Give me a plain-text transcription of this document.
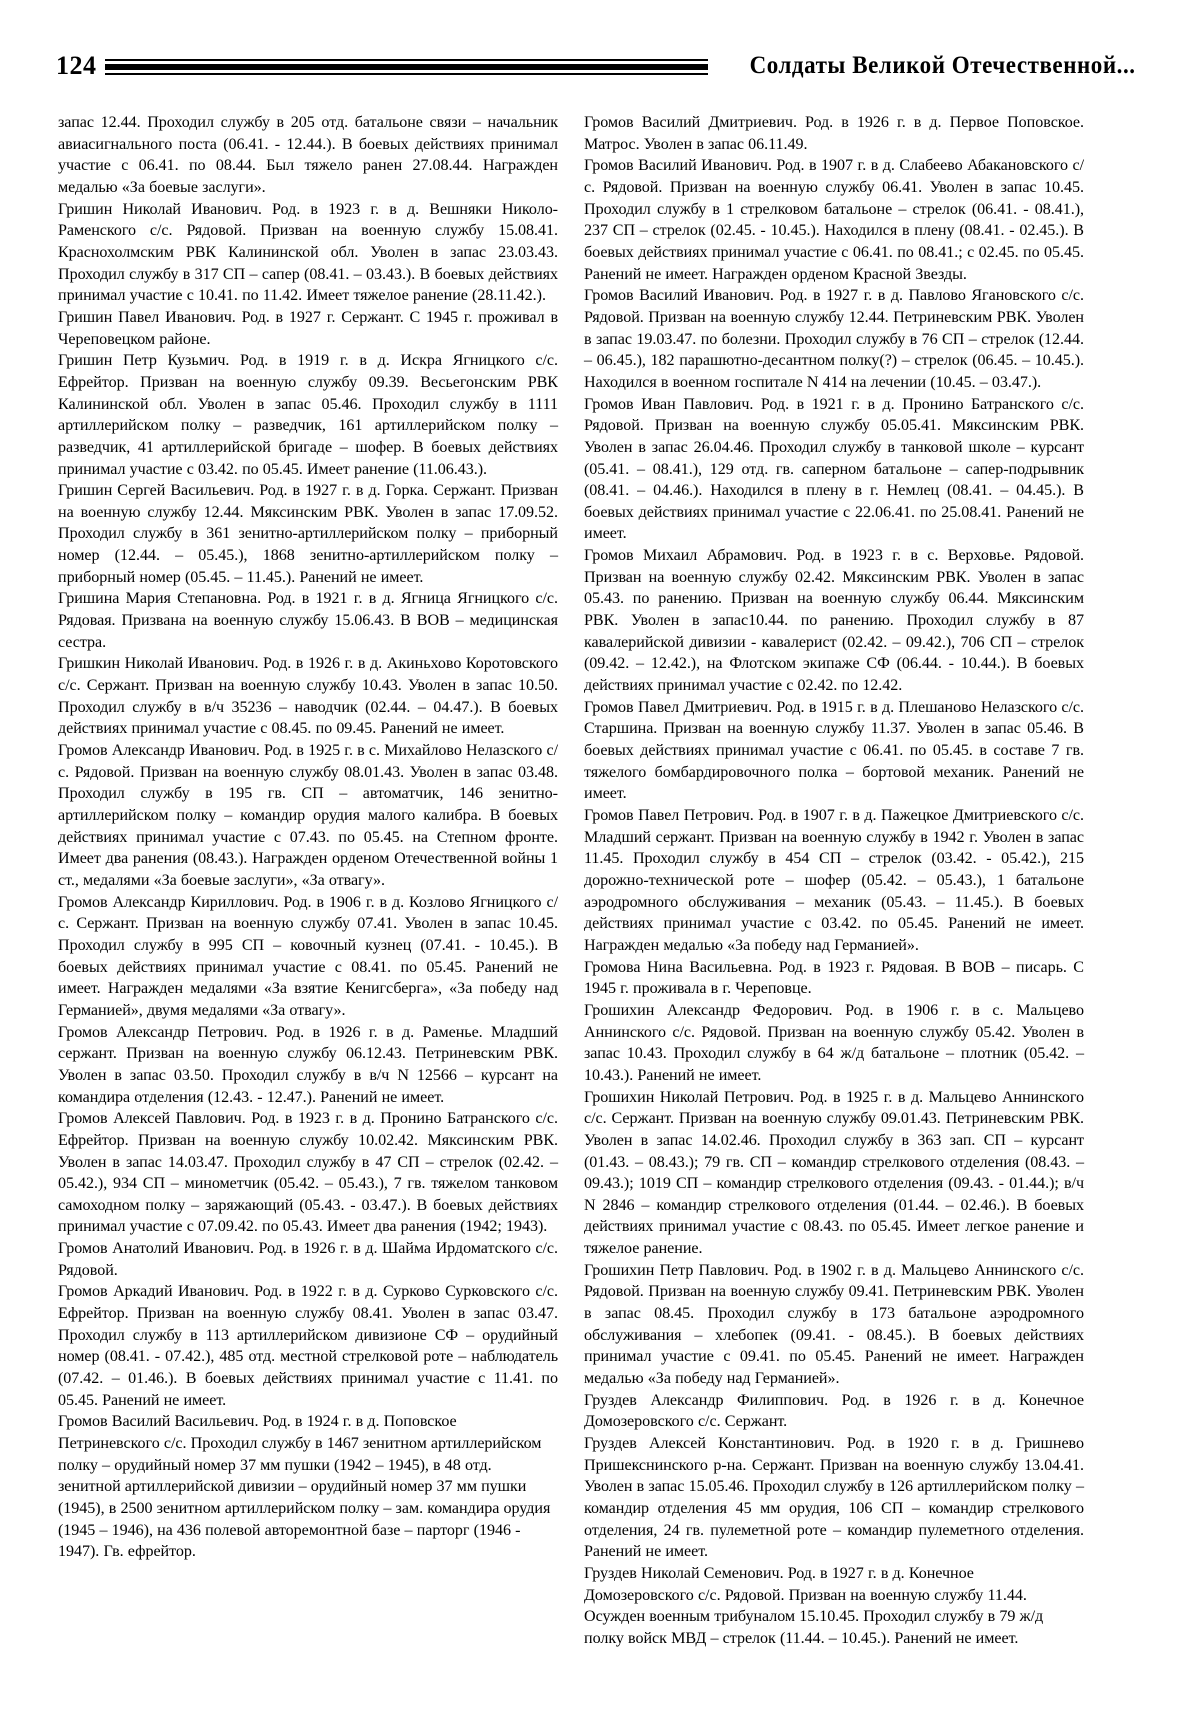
124	Солдаты Великой Отечественной...

запас 12.44. Проходил службу в 205 отд. батальоне связи – начальник авиасигнального поста (06.41. - 12.44.). В боевых действиях принимал участие с 06.41. по 08.44. Был тяжело ранен 27.08.44. Награжден медалью «За боевые заслуги».

Гришин Николай Иванович. Род. в 1923 г. в д. Вешняки Николо-Раменского с/с. Рядовой. Призван на военную службу 15.08.41. Краснохолмским РВК Калининской обл. Уволен в запас 23.03.43. Проходил службу в 317 СП – сапер (08.41. – 03.43.). В боевых действиях принимал участие с 10.41. по 11.42. Имеет тяжелое ранение (28.11.42.).

Гришин Павел Иванович. Род. в 1927 г. Сержант. С 1945 г. проживал в Череповецком районе.

Гришин Петр Кузьмич. Род. в 1919 г. в д. Искра Ягницкого с/с. Ефрейтор. Призван на военную службу 09.39. Весьегонским РВК Калининской обл. Уволен в запас 05.46. Проходил службу в 1111 артиллерийском полку – разведчик, 161 артиллерийском полку – разведчик, 41 артиллерийской бригаде – шофер. В боевых действиях принимал участие с 03.42. по 05.45. Имеет ранение (11.06.43.).

Гришин Сергей Васильевич. Род. в 1927 г. в д. Горка. Сержант. Призван на военную службу 12.44. Мяксинским РВК. Уволен в запас 17.09.52. Проходил службу в 361 зенитно-артиллерийском полку – приборный номер (12.44. – 05.45.), 1868 зенитно-артиллерийском полку – приборный номер (05.45. – 11.45.). Ранений не имеет.

Гришина Мария Степановна. Род. в 1921 г. в д. Ягница Ягницкого с/с. Рядовая. Призвана на военную службу 15.06.43. В ВОВ – медицинская сестра.

Гришкин Николай Иванович. Род. в 1926 г. в д. Акиньхово Коротовского с/с. Сержант. Призван на военную службу 10.43. Уволен в запас 10.50. Проходил службу в в/ч 35236 – наводчик (02.44. – 04.47.). В боевых действиях принимал участие с 08.45. по 09.45. Ранений не имеет.

Громов Александр Иванович. Род. в 1925 г. в с. Михайлово Нелазского с/с. Рядовой. Призван на военную службу 08.01.43. Уволен в запас 03.48. Проходил службу в 195 гв. СП – автоматчик, 146 зенитно-артиллерийском полку – командир орудия малого калибра. В боевых действиях принимал участие с 07.43. по 05.45. на Степном фронте. Имеет два ранения (08.43.). Награжден орденом Отечественной войны 1 ст., медалями «За боевые заслуги», «За отвагу».

Громов Александр Кириллович. Род. в 1906 г. в д. Козлово Ягницкого с/с. Сержант. Призван на военную службу 07.41. Уволен в запас 10.45. Проходил службу в 995 СП – ковочный кузнец (07.41. - 10.45.). В боевых действиях принимал участие с 08.41. по 05.45. Ранений не имеет. Награжден медалями «За взятие Кенигсберга», «За победу над Германией», двумя медалями «За отвагу».

Громов Александр Петрович. Род. в 1926 г. в д. Раменье. Младший сержант. Призван на военную службу 06.12.43. Петриневским РВК. Уволен в запас 03.50. Проходил службу в в/ч N 12566 – курсант на командира отделения (12.43. - 12.47.). Ранений не имеет.

Громов Алексей Павлович. Род. в 1923 г. в д. Пронино Батранского с/с. Ефрейтор. Призван на военную службу 10.02.42. Мяксинским РВК. Уволен в запас 14.03.47. Проходил службу в 47 СП – стрелок (02.42. – 05.42.), 934 СП – минометчик (05.42. – 05.43.), 7 гв. тяжелом танковом самоходном полку – заряжающий (05.43. - 03.47.). В боевых действиях принимал участие с 07.09.42. по 05.43. Имеет два ранения (1942; 1943).

Громов Анатолий Иванович. Род. в 1926 г. в д. Шайма Ирдоматского с/с. Рядовой.

Громов Аркадий Иванович. Род. в 1922 г. в д. Сурково Сурковского с/с. Ефрейтор. Призван на военную службу 08.41. Уволен в запас 03.47. Проходил службу в 113 артиллерийском дивизионе СФ – орудийный номер (08.41. - 07.42.), 485 отд. местной стрелковой роте – наблюдатель (07.42. – 01.46.). В боевых действиях принимал участие с 11.41. по 05.45. Ранений не имеет.

Громов Василий Васильевич. Род. в 1924 г. в д. Поповское Петриневского с/с. Проходил службу в 1467 зенитном артиллерийском полку – орудийный номер 37 мм пушки (1942 – 1945), в 48 отд. зенитной артиллерийской дивизии – орудийный номер 37 мм пушки (1945), в 2500 зенитном артиллерийском полку – зам. командира орудия (1945 – 1946), на 436 полевой авторемонтной базе – парторг (1946 - 1947). Гв. ефрейтор.

Громов Василий Дмитриевич. Род. в 1926 г. в д. Первое Поповское. Матрос. Уволен в запас 06.11.49.

Громов Василий Иванович. Род. в 1907 г. в д. Слабеево Абакановского с/с. Рядовой. Призван на военную службу 06.41. Уволен в запас 10.45. Проходил службу в 1 стрелковом батальоне – стрелок (06.41. - 08.41.), 237 СП – стрелок (02.45. - 10.45.). Находился в плену (08.41. - 02.45.). В боевых действиях принимал участие с 06.41. по 08.41.; с 02.45. по 05.45. Ранений не имеет. Награжден орденом Красной Звезды.

Громов Василий Иванович. Род. в 1927 г. в д. Павлово Ягановского с/с. Рядовой. Призван на военную службу 12.44. Петриневским РВК. Уволен в запас 19.03.47. по болезни. Проходил службу в 76 СП – стрелок (12.44. – 06.45.), 182 парашютно-десантном полку(?) – стрелок (06.45. – 10.45.). Находился в военном госпитале N 414 на лечении (10.45. – 03.47.).

Громов Иван Павлович. Род. в 1921 г. в д. Пронино Батранского с/с. Рядовой. Призван на военную службу 05.05.41. Мяксинским РВК. Уволен в запас 26.04.46. Проходил службу в танковой школе – курсант (05.41. – 08.41.), 129 отд. гв. саперном батальоне – сапер-подрывник (08.41. – 04.46.). Находился в плену в г. Немлец (08.41. – 04.45.). В боевых действиях принимал участие с 22.06.41. по 25.08.41. Ранений не имеет.

Громов Михаил Абрамович. Род. в 1923 г. в с. Верховье. Рядовой. Призван на военную службу 02.42. Мяксинским РВК. Уволен в запас 05.43. по ранению. Призван на военную службу 06.44. Мяксинским РВК. Уволен в запас10.44. по ранению. Проходил службу в 87 кавалерийской дивизии - кавалерист (02.42. – 09.42.), 706 СП – стрелок (09.42. – 12.42.), на Флотском экипаже СФ (06.44. - 10.44.). В боевых действиях принимал участие с 02.42. по 12.42.

Громов Павел Дмитриевич. Род. в 1915 г. в д. Плешаново Нелазского с/с. Старшина. Призван на военную службу 11.37. Уволен в запас 05.46. В боевых действиях принимал участие с 06.41. по 05.45. в составе 7 гв. тяжелого бомбардировочного полка – бортовой механик. Ранений не имеет.

Громов Павел Петрович. Род. в 1907 г. в д. Пажецкое Дмитриевского с/с. Младший сержант. Призван на военную службу в 1942 г. Уволен в запас 11.45. Проходил службу в 454 СП – стрелок (03.42. - 05.42.), 215 дорожно-технической роте – шофер (05.42. – 05.43.), 1 батальоне аэродромного обслуживания – механик (05.43. – 11.45.). В боевых действиях принимал участие с 03.42. по 05.45. Ранений не имеет. Награжден медалью «За победу над Германией».

Громова Нина Васильевна. Род. в 1923 г. Рядовая. В ВОВ – писарь. С 1945 г. проживала в г. Череповце.

Грошихин Александр Федорович. Род. в 1906 г. в с. Мальцево Аннинского с/с. Рядовой. Призван на военную службу 05.42. Уволен в запас 10.43. Проходил службу в 64 ж/д батальоне – плотник (05.42. – 10.43.). Ранений не имеет.

Грошихин Николай Петрович. Род. в 1925 г. в д. Мальцево Аннинского с/с. Сержант. Призван на военную службу 09.01.43. Петриневским РВК. Уволен в запас 14.02.46. Проходил службу в 363 зап. СП – курсант (01.43. – 08.43.); 79 гв. СП – командир стрелкового отделения (08.43. – 09.43.); 1019 СП – командир стрелкового отделения (09.43. - 01.44.); в/ч N 2846 – командир стрелкового отделения (01.44. – 02.46.). В боевых действиях принимал участие с 08.43. по 05.45. Имеет легкое ранение и тяжелое ранение.

Грошихин Петр Павлович. Род. в 1902 г. в д. Мальцево Аннинского с/с. Рядовой. Призван на военную службу 09.41. Петриневским РВК. Уволен в запас 08.45. Проходил службу в 173 батальоне аэродромного обслуживания – хлебопек (09.41. - 08.45.). В боевых действиях принимал участие с 09.41. по 05.45. Ранений не имеет. Награжден медалью «За победу над Германией».

Груздев Александр Филиппович. Род. в 1926 г. в д. Конечное Домозеровского с/с. Сержант.

Груздев Алексей Константинович. Род. в 1920 г. в д. Гришнево Пришекснинского р-на. Сержант. Призван на военную службу 13.04.41. Уволен в запас 15.05.46. Проходил службу в 126 артиллерийском полку – командир отделения 45 мм орудия, 106 СП – командир стрелкового отделения, 24 гв. пулеметной роте – командир пулеметного отделения. Ранений не имеет.

Груздев Николай Семенович. Род. в 1927 г. в д. Конечное Домозеровского с/с. Рядовой. Призван на военную службу 11.44. Осужден военным трибуналом 15.10.45. Проходил службу в 79 ж/д полку войск МВД – стрелок (11.44. – 10.45.). Ранений не имеет.
